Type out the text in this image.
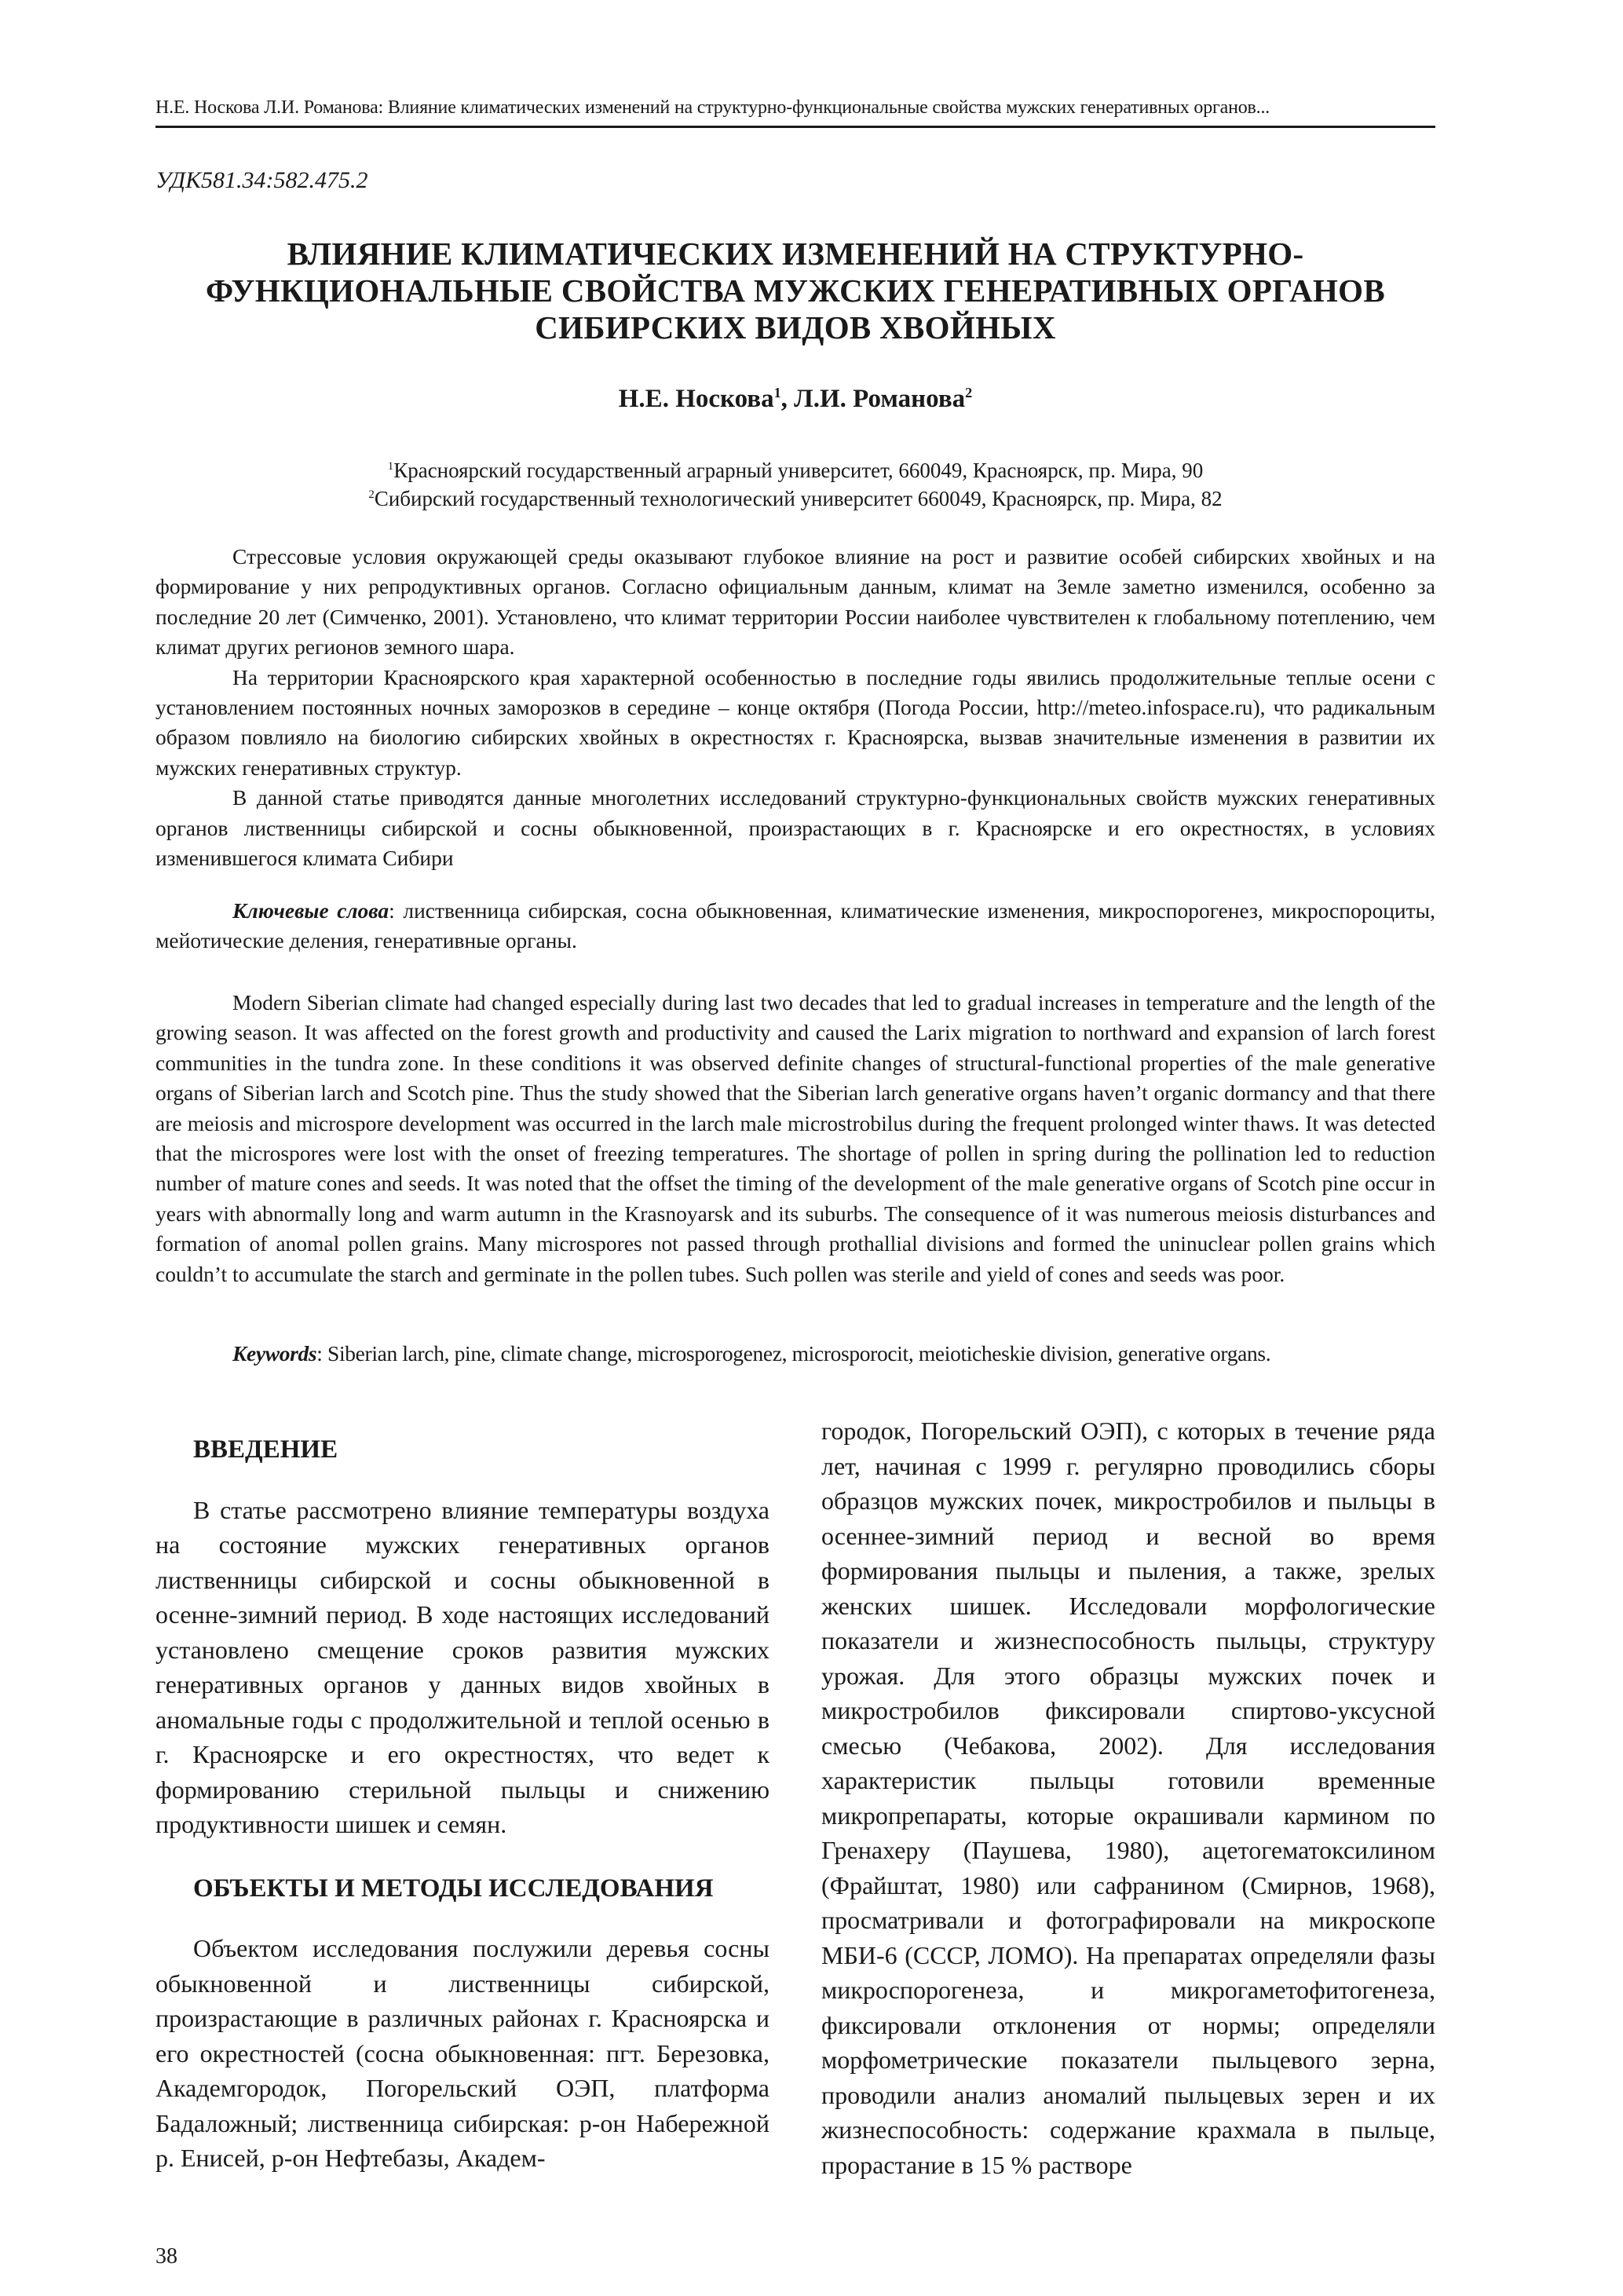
Н.Е. Носкова Л.И. Романова: Влияние климатических изменений на структурно-функциональные свойства мужских генеративных органов...
УДК581.34:582.475.2
ВЛИЯНИЕ КЛИМАТИЧЕСКИХ ИЗМЕНЕНИЙ НА СТРУКТУРНО-
ФУНКЦИОНАЛЬНЫЕ СВОЙСТВА МУЖСКИХ ГЕНЕРАТИВНЫХ ОРГАНОВ
СИБИРСКИХ ВИДОВ ХВОЙНЫХ
Н.Е. Носкова$^1$, Л.И. Романова$^2$
$^1$Красноярский государственный аграрный университет, 660049, Красноярск, пр. Мира, 90
$^2$Сибирский государственный технологический университет 660049, Красноярск, пр. Мира, 82

Стрессовые условия окружающей среды оказывают глубокое влияние на рост и развитие особей сибирских хвойных и на формирование у них репродуктивных органов. Согласно официальным данным, климат на Земле заметно изменился, особенно за последние 20 лет (Симченко, 2001). Установлено, что климат территории России наиболее чувствителен к глобальному потеплению, чем климат других регионов земного шара.

На территории Красноярского края характерной особенностью в последние годы явились продолжительные теплые осени с установлением постоянных ночных заморозков в середине – конце октября (Погода России, http://meteo.infospace.ru), что радикальным образом повлияло на биологию сибирских хвойных в окрестностях г. Красноярска, вызвав значительные изменения в развитии их мужских генеративных структур.

В данной статье приводятся данные многолетних исследований структурно-функциональных свойств мужских генеративных органов лиственницы сибирской и сосны обыкновенной, произрастающих в г. Красноярске и его окрестностях, в условиях изменившегося климата Сибири

Ключевые слова: лиственница сибирская, сосна обыкновенная, климатические изменения, микроспорогенез, микроспороциты, мейотические деления, генеративные органы.
Modern Siberian climate had changed especially during last two decades that led to gradual increases in temperature and the length of the growing season. It was affected on the forest growth and productivity and caused the Larix migration to northward and expansion of larch forest communities in the tundra zone. In these conditions it was observed definite changes of structural-functional properties of the male generative organs of Siberian larch and Scotch pine. Thus the study showed that the Siberian larch generative organs haven’t organic dormancy and that there are meiosis and microspore development was occurred in the larch male microstrobilus during the frequent prolonged winter thaws. It was detected that the microspores were lost with the onset of freezing temperatures. The shortage of pollen in spring during the pollination led to reduction number of mature cones and seeds. It was noted that the offset the timing of the development of the male generative organs of Scotch pine occur in years with abnormally long and warm autumn in the Krasnoyarsk and its suburbs. The consequence of it was numerous meiosis disturbances and formation of anomal pollen grains. Many microspores not passed through prothallial divisions and formed the uninuclear pollen grains which couldn’t to accumulate the starch and germinate in the pollen tubes. Such pollen was sterile and yield of cones and seeds was poor.
Keywords: Siberian larch, pine, climate change, microsporogenez, microsporocit, meioticheskie division, generative organs.
ВВЕДЕНИЕ

В статье рассмотрено влияние температуры воздуха на состояние мужских генеративных органов лиственницы сибирской и сосны обыкновенной в осенне-зимний период. В ходе настоящих исследований установлено смещение сроков развития мужских генеративных органов у данных видов хвойных в аномальные годы с продолжительной и теплой осенью в г. Красноярске и его окрестностях, что ведет к формированию стерильной пыльцы и снижению продуктивности шишек и семян.

ОБЪЕКТЫ И МЕТОДЫ ИССЛЕДОВАНИЯ

Объектом исследования послужили деревья сосны обыкновенной и лиственницы сибирской, произрастающие в различных районах г. Красноярска и его окрестностей (сосна обыкновенная: пгт. Березовка, Академгородок, Погорельский ОЭП, платформа Бадаложный; лиственница сибирская: р-он Набережной р. Енисей, р-он Нефтебазы, Академ-

городок, Погорельский ОЭП), с которых в течение ряда лет, начиная с 1999 г. регулярно проводились сборы образцов мужских почек, микростробилов и пыльцы в осеннее-зимний период и весной во время формирования пыльцы и пыления, а также, зрелых женских шишек. Исследовали морфологические показатели и жизнеспособность пыльцы, структуру урожая. Для этого образцы мужских почек и микростробилов фиксировали спиртово-уксусной смесью (Чебакова, 2002). Для исследования характеристик пыльцы готовили временные микропрепараты, которые окрашивали кармином по Гренахеру (Паушева, 1980), ацетогематоксилином (Фрайштат, 1980) или сафранином (Смирнов, 1968), просматривали и фотографировали на микроскопе МБИ-6 (СССР, ЛОМО). На препаратах определяли фазы микроспорогенеза, и микрогаметофитогенеза, фиксировали отклонения от нормы; определяли морфометрические показатели пыльцевого зерна, проводили анализ аномалий пыльцевых зерен и их жизнеспособность: содержание крахмала в пыльце, прорастание в 15 % растворе

38
